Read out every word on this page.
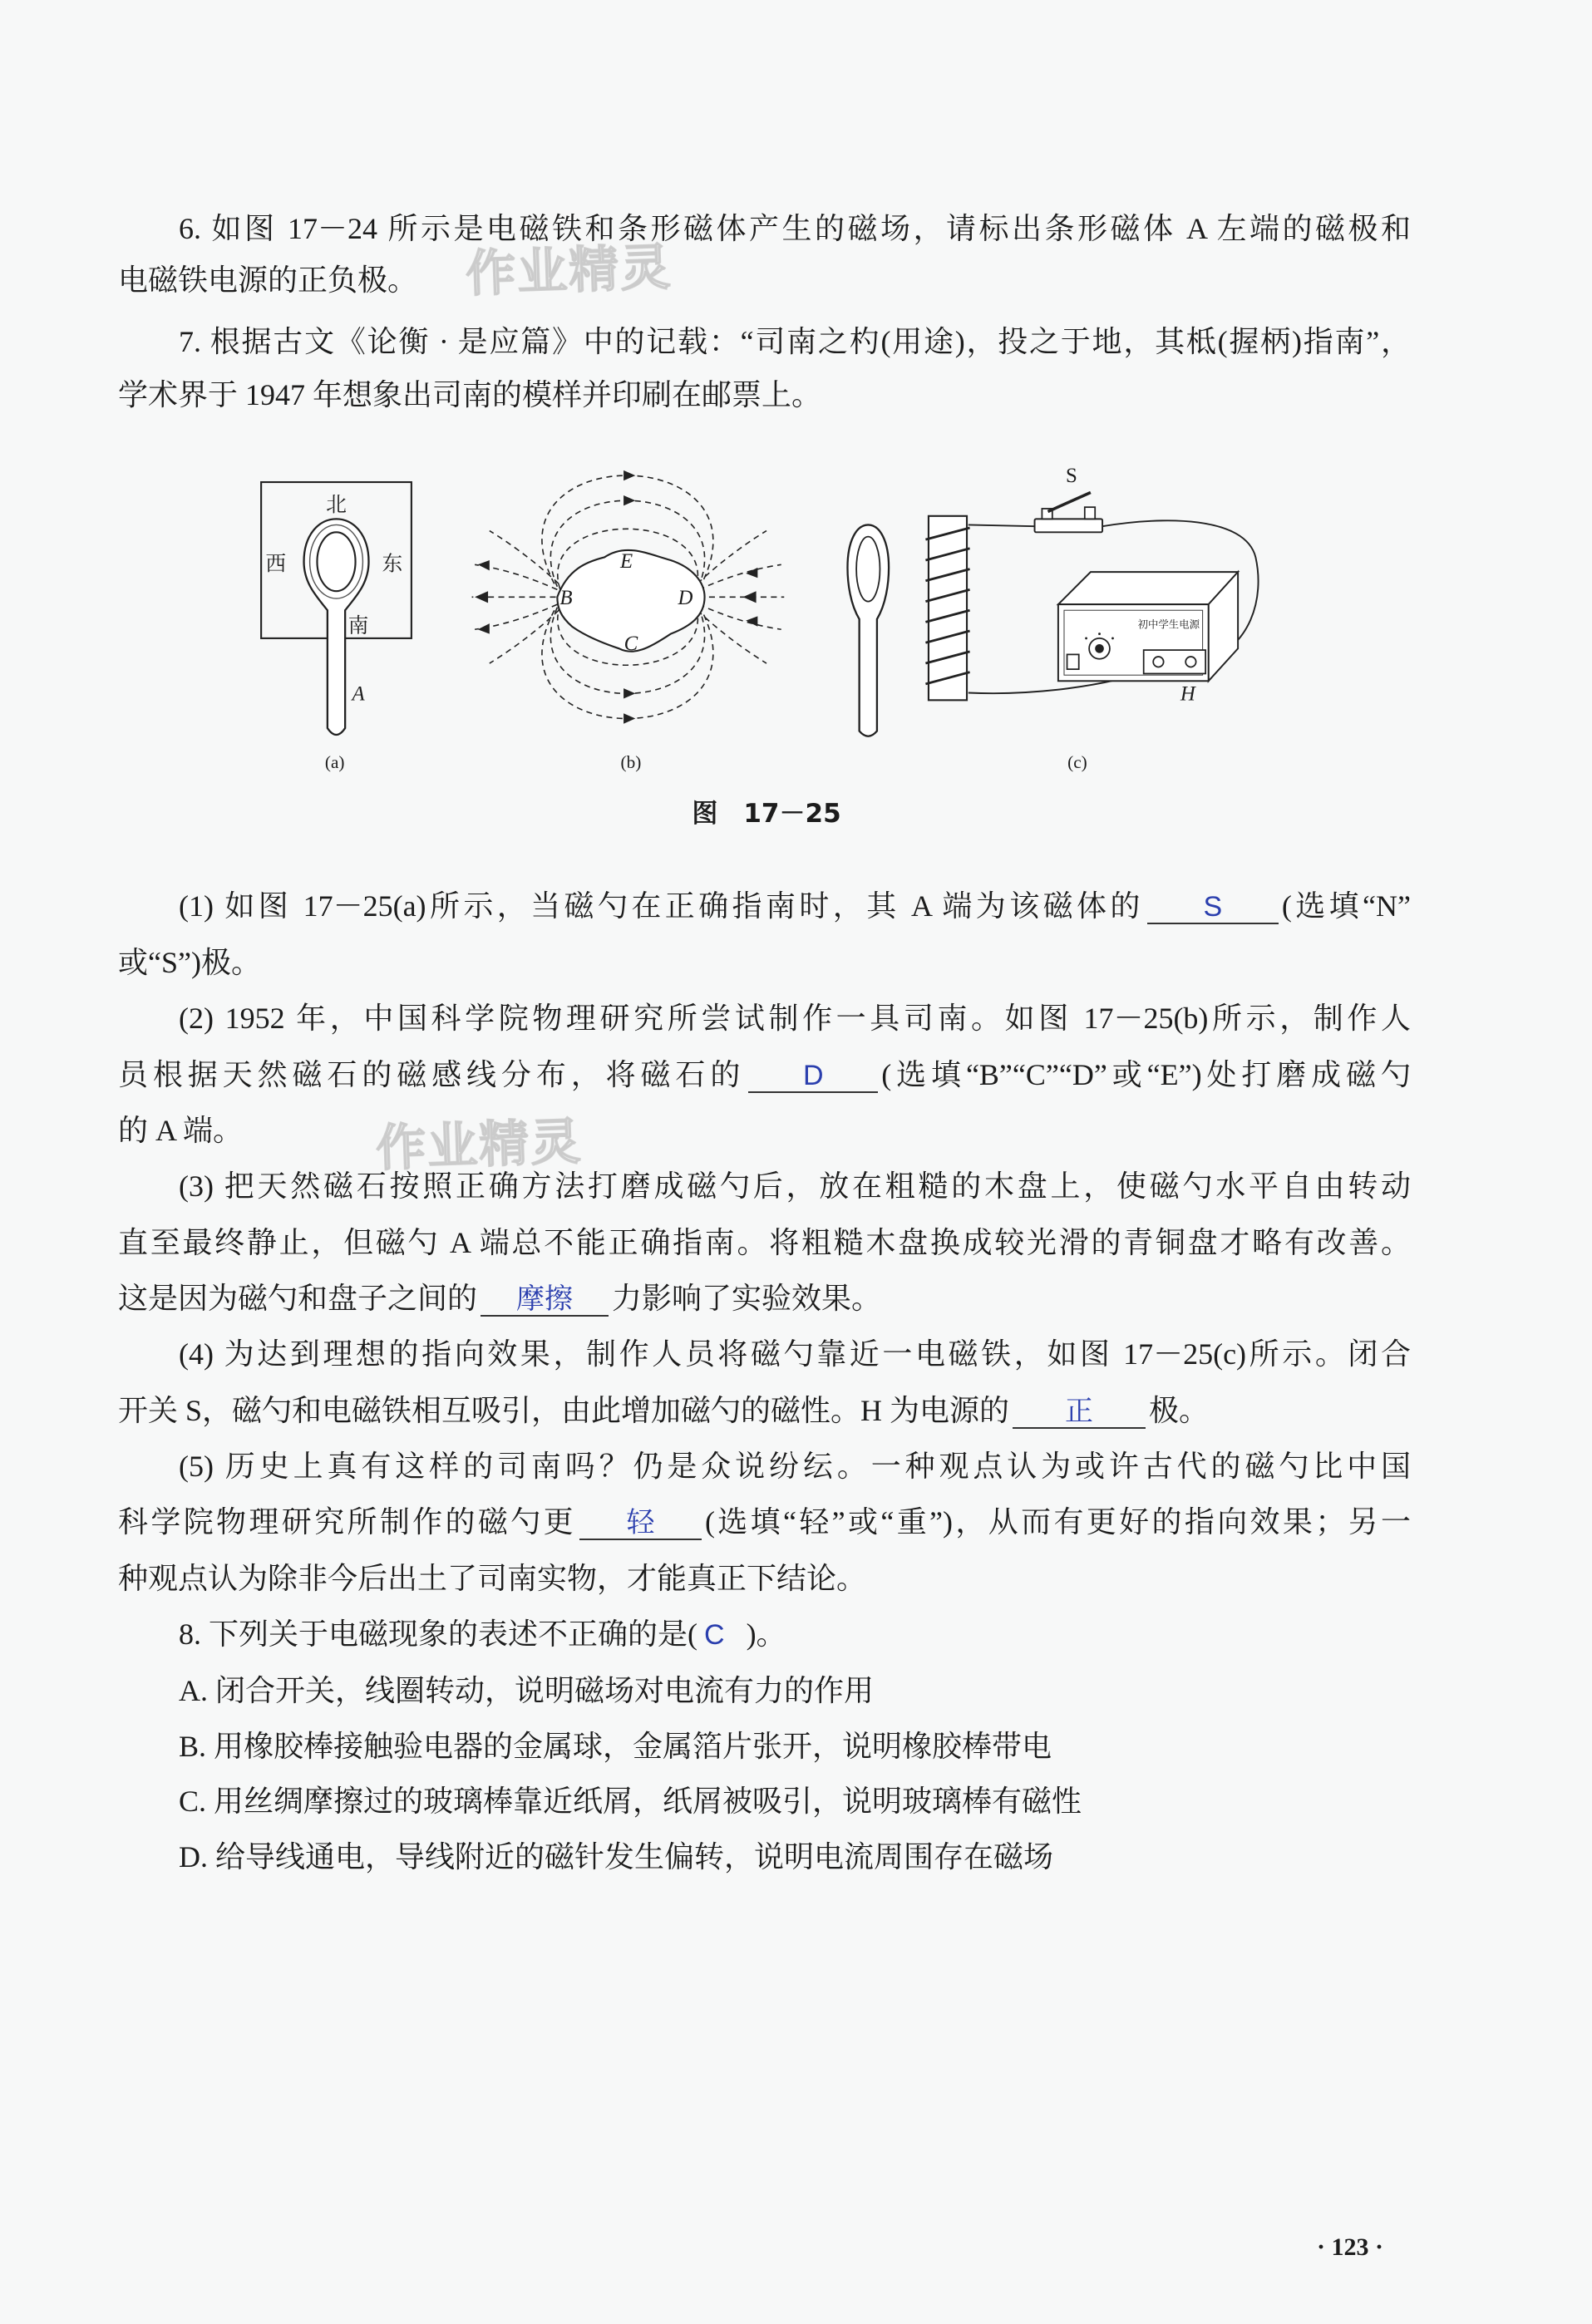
作业精灵
作业精灵
6. 如图 17－24 所示是电磁铁和条形磁体产生的磁场，请标出条形磁体 A 左端的磁极和
电磁铁电源的正负极。
7. 根据古文《论衡 · 是应篇》中的记载：“司南之杓(用途)，投之于地，其柢(握柄)指南”，
学术界于 1947 年想象出司南的模样并印刷在邮票上。
北
西	东
南
A
(a)
B
E
D
C
(b)
S
初中学生电源
H
(c)
图　17－25
(1) 如图 17－25(a)所示，当磁勺在正确指南时，其 A 端为该磁体的 S (选填“N”
或“S”)极。
(2) 1952 年，中国科学院物理研究所尝试制作一具司南。如图 17－25(b)所示，制作人
员根据天然磁石的磁感线分布，将磁石的 D (选填“B”“C”“D”或“E”)处打磨成磁勺
的 A 端。
(3) 把天然磁石按照正确方法打磨成磁勺后，放在粗糙的木盘上，使磁勺水平自由转动
直至最终静止，但磁勺 A 端总不能正确指南。将粗糙木盘换成较光滑的青铜盘才略有改善。
这是因为磁勺和盘子之间的 摩擦 力影响了实验效果。
(4) 为达到理想的指向效果，制作人员将磁勺靠近一电磁铁，如图 17－25(c)所示。闭合
开关 S，磁勺和电磁铁相互吸引，由此增加磁勺的磁性。H 为电源的 正 极。
(5) 历史上真有这样的司南吗？仍是众说纷纭。一种观点认为或许古代的磁勺比中国
科学院物理研究所制作的磁勺更 轻 (选填“轻”或“重”)，从而有更好的指向效果；另一
种观点认为除非今后出土了司南实物，才能真正下结论。
8. 下列关于电磁现象的表述不正确的是( C )。
A. 闭合开关，线圈转动，说明磁场对电流有力的作用
B. 用橡胶棒接触验电器的金属球，金属箔片张开，说明橡胶棒带电
C. 用丝绸摩擦过的玻璃棒靠近纸屑，纸屑被吸引，说明玻璃棒有磁性
D. 给导线通电，导线附近的磁针发生偏转，说明电流周围存在磁场
· 123 ·
